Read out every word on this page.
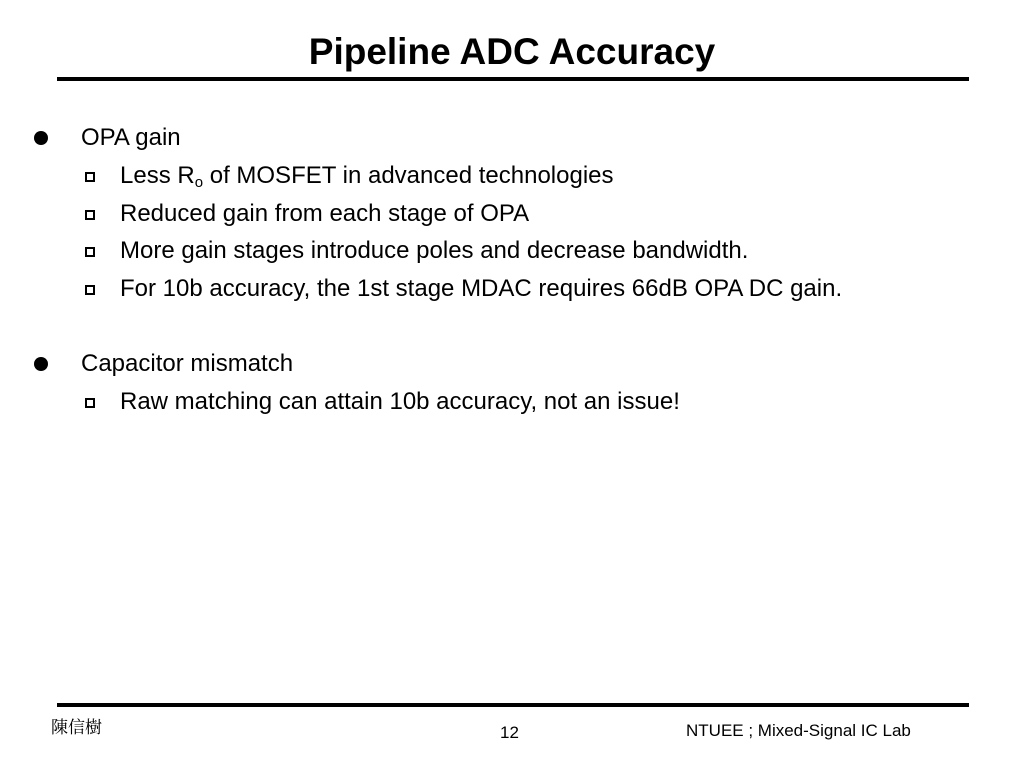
Pipeline ADC Accuracy
OPA gain
Less $R_o$ of MOSFET in advanced technologies
Reduced gain from each stage of OPA
More gain stages introduce poles and decrease bandwidth.
For 10b accuracy, the 1st stage MDAC requires 66dB OPA DC gain.
Capacitor mismatch
Raw matching can attain 10b accuracy, not an issue!
陳信樹	12	NTUEE ; Mixed-Signal IC Lab
